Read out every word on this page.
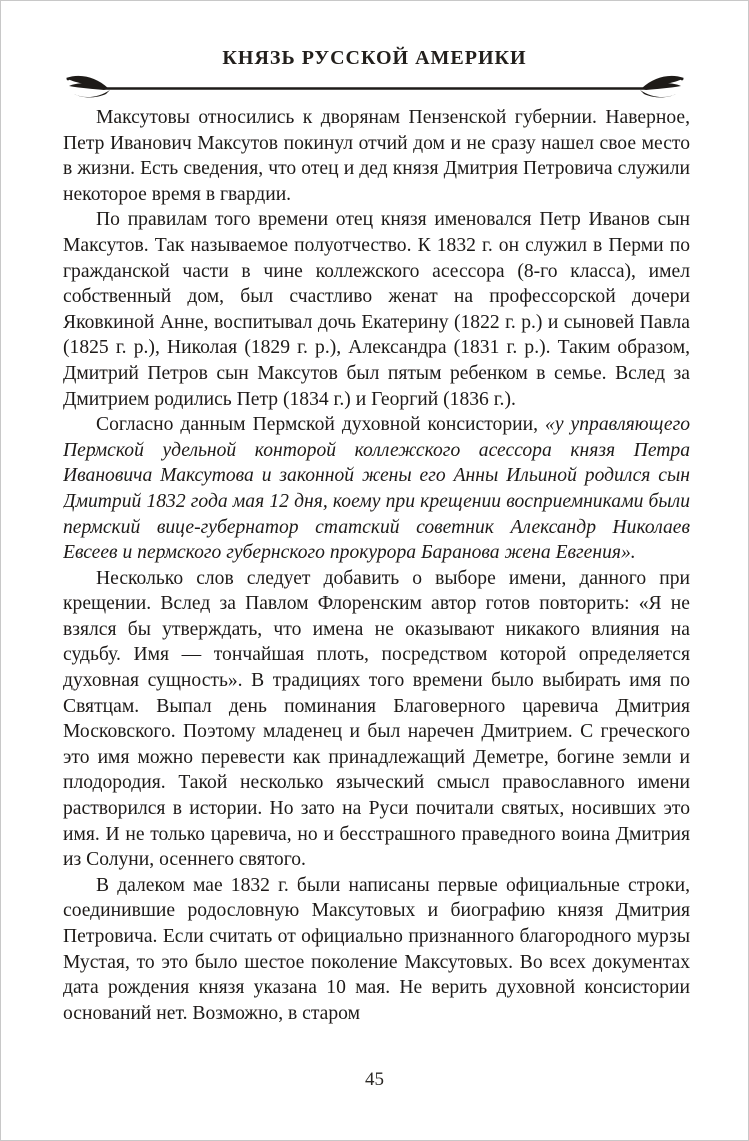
КНЯЗЬ РУССКОЙ АМЕРИКИ

Максутовы относились к дворянам Пензенской губернии. Наверное, Петр Иванович Максутов покинул отчий дом и не сразу нашел свое место в жизни. Есть сведения, что отец и дед князя Дмитрия Петровича служили некоторое время в гвардии.

По правилам того времени отец князя именовался Петр Иванов сын Максутов. Так называемое полуотчество. К 1832 г. он служил в Перми по гражданской части в чине коллежского асессора (8-го класса), имел собственный дом, был счастливо женат на профессорской дочери Яковкиной Анне, воспитывал дочь Екатерину (1822 г. р.) и сыновей Павла (1825 г. р.), Николая (1829 г. р.), Александра (1831 г. р.). Таким образом, Дмитрий Петров сын Максутов был пятым ребенком в семье. Вслед за Дмитрием родились Петр (1834 г.) и Георгий (1836 г.).

Согласно данным Пермской духовной консистории, «у управляющего Пермской удельной конторой коллежского асессора князя Петра Ивановича Максутова и законной жены его Анны Ильиной родился сын Дмитрий 1832 года мая 12 дня, коему при крещении восприемниками были пермский вице-губернатор статский советник Александр Николаев Евсеев и пермского губернского прокурора Баранова жена Евгения».

Несколько слов следует добавить о выборе имени, данного при крещении. Вслед за Павлом Флоренским автор готов повторить: «Я не взялся бы утверждать, что имена не оказывают никакого влияния на судьбу. Имя — тончайшая плоть, посредством которой определяется духовная сущность». В традициях того времени было выбирать имя по Святцам. Выпал день поминания Благоверного царевича Дмитрия Московского. Поэтому младенец и был наречен Дмитрием. С греческого это имя можно перевести как принадлежащий Деметре, богине земли и плодородия. Такой несколько языческий смысл православного имени растворился в истории. Но зато на Руси почитали святых, носивших это имя. И не только царевича, но и бесстрашного праведного воина Дмитрия из Солуни, осеннего святого.

В далеком мае 1832 г. были написаны первые официальные строки, соединившие родословную Максутовых и биографию князя Дмитрия Петровича. Если считать от официально признанного благородного мурзы Мустая, то это было шестое поколение Максутовых. Во всех документах дата рождения князя указана 10 мая. Не верить духовной консистории оснований нет. Возможно, в старом

45
